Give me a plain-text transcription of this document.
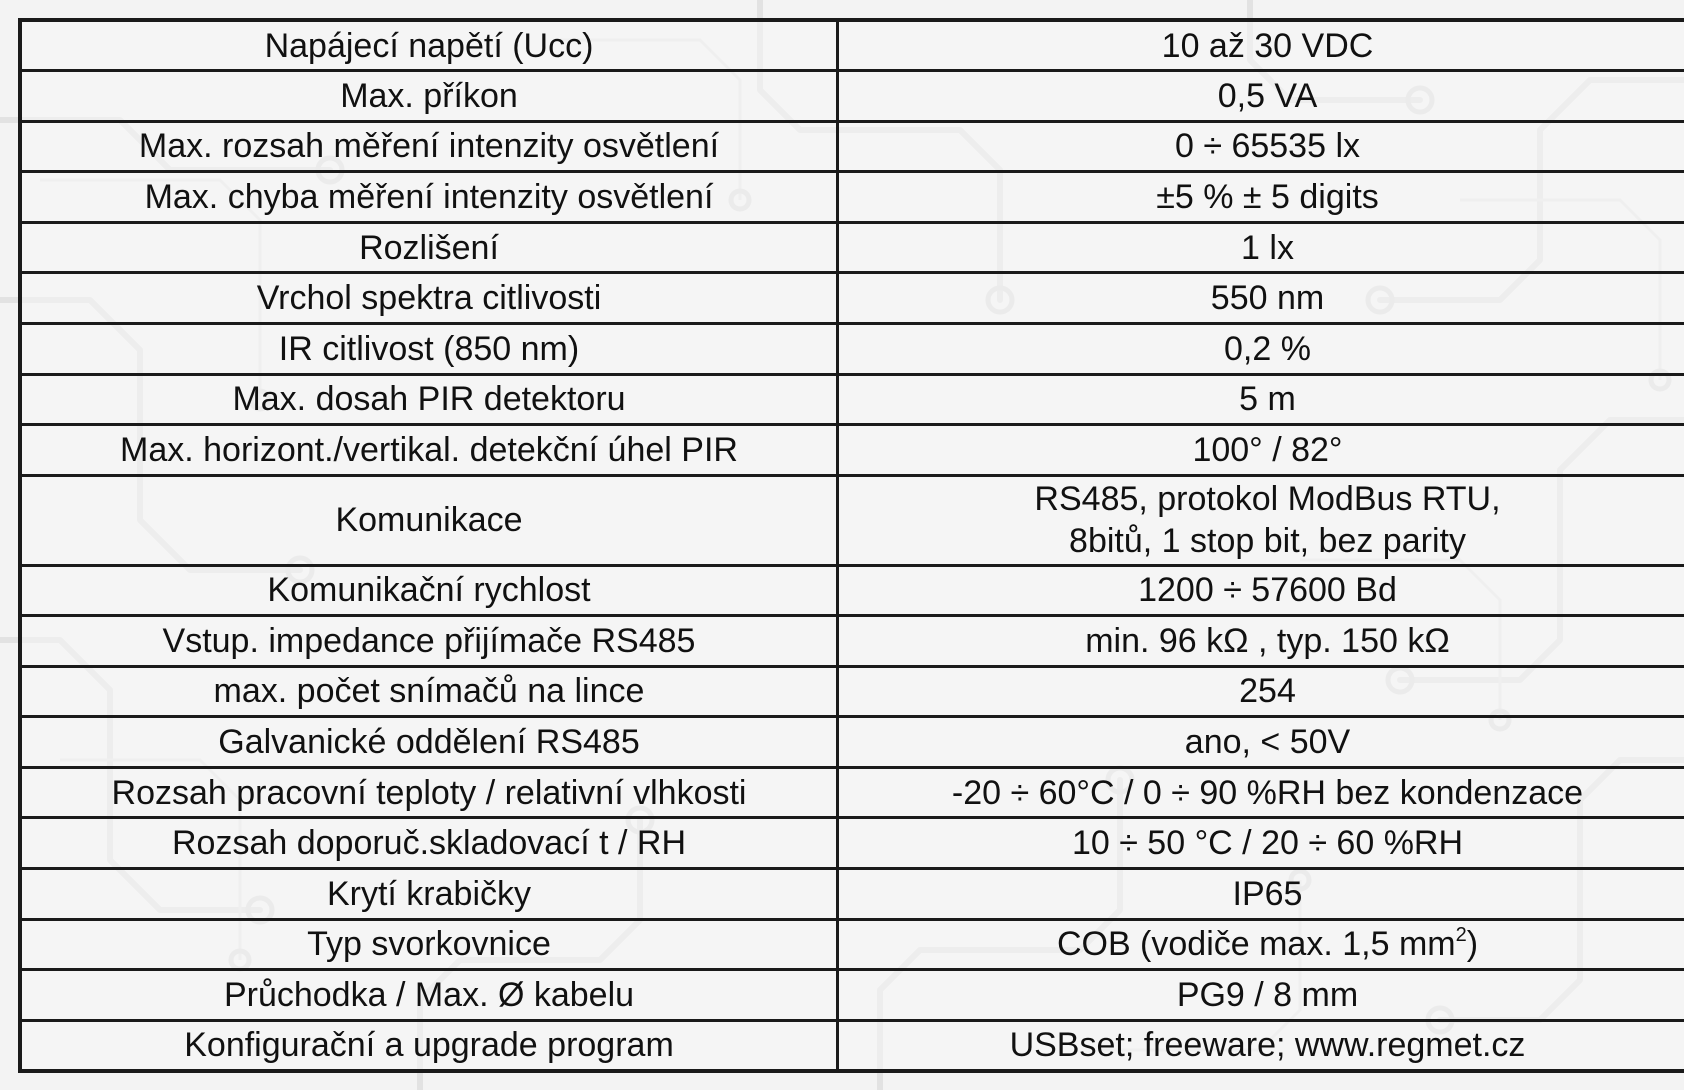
Napájecí napětí (Ucc)	10 až 30 VDC
Max. příkon	0,5 VA
Max. rozsah měření intenzity osvětlení	0 ÷ 65535 lx
Max. chyba měření intenzity osvětlení	±5 % ± 5 digits
Rozlišení	1 lx
Vrchol spektra citlivosti	550 nm
IR citlivost (850 nm)	0,2 %
Max. dosah PIR detektoru	5 m
Max. horizont./vertikal. detekční úhel PIR	100° / 82°
Komunikace	RS485, protokol ModBus RTU,
8bitů, 1 stop bit, bez parity

Komunikační rychlost	1200 ÷ 57600 Bd
Vstup. impedance přijímače RS485	min. 96 kΩ , typ. 150 kΩ
max. počet snímačů na lince	254
Galvanické oddělení RS485	ano, < 50V
Rozsah pracovní teploty / relativní vlhkosti	-20 ÷ 60°C / 0 ÷ 90 %RH bez kondenzace
Rozsah doporuč.skladovací t / RH	10 ÷ 50 °C / 20 ÷ 60 %RH
Krytí krabičky	IP65
Typ svorkovnice	COB (vodiče max. 1,5 $mm^2$)
Průchodka / Max. Ø kabelu	PG9 / 8 mm
Konfigurační a upgrade program	USBset; freeware; www.regmet.cz
